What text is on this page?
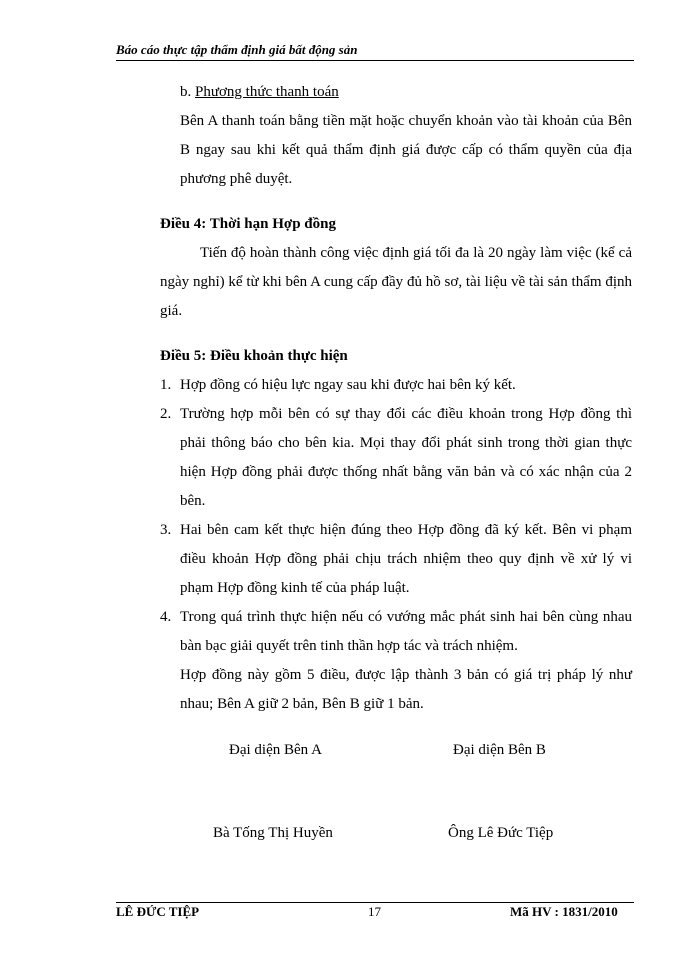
Báo cáo thực tập thẩm định giá bất động sản
b. Phương thức thanh toán
Bên A thanh toán bằng tiền mặt hoặc chuyển khoản vào tài khoản của Bên B ngay sau khi kết quả thẩm định giá được cấp có thẩm quyền của địa phương phê duyệt.
Điều 4: Thời hạn Hợp đồng
Tiến độ hoàn thành công việc định giá tối đa là 20 ngày làm việc (kể cả ngày nghỉ) kể từ khi bên A cung cấp đầy đủ hồ sơ, tài liệu về tài sản thẩm định giá.
Điều 5: Điều khoản thực hiện
1. Hợp đồng có hiệu lực ngay sau khi được hai bên ký kết.
2. Trường hợp mỗi bên có sự thay đổi các điều khoản trong Hợp đồng thì phải thông báo cho bên kia. Mọi thay đổi phát sinh trong thời gian thực hiện Hợp đồng phải được thống nhất bằng văn bản và có xác nhận của 2 bên.
3. Hai bên cam kết thực hiện đúng theo Hợp đồng đã ký kết. Bên vi phạm điều khoản Hợp đồng phải chịu trách nhiệm theo quy định về xử lý vi phạm Hợp đồng kinh tế của pháp luật.
4. Trong quá trình thực hiện nếu có vướng mắc phát sinh hai bên cùng nhau bàn bạc giải quyết trên tinh thần hợp tác và trách nhiệm.
Hợp đồng này gồm 5 điều, được lập thành 3 bản có giá trị pháp lý như nhau; Bên A giữ 2 bản, Bên B giữ 1 bản.
Đại diện Bên A	Đại diện Bên B
Bà Tống Thị Huyền	Ông Lê Đức Tiệp
LÊ ĐỨC TIỆP	17	Mã HV : 1831/2010
